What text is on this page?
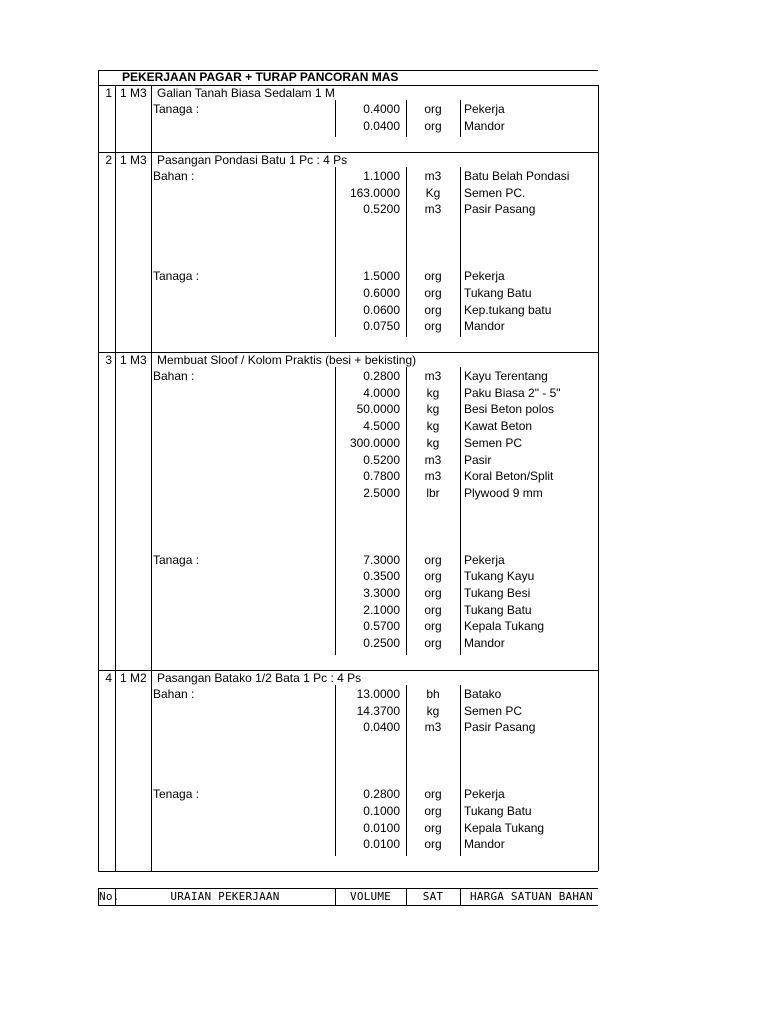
PEKERJAAN PAGAR + TURAP PANCORAN MAS
1 1 M3 Galian Tanah Biasa Sedalam 1 M
Tanaga :	0.4000	org	Pekerja
0.0400	org	Mandor
2 1 M3 Pasangan Pondasi Batu 1 Pc : 4 Ps
Bahan :	1.1000	m3	Batu Belah Pondasi
163.0000	Kg	Semen PC.
0.5200	m3	Pasir Pasang
Tanaga :	1.5000	org	Pekerja
0.6000	org	Tukang Batu
0.0600	org	Kep.tukang batu
0.0750	org	Mandor
3 1 M3 Membuat Sloof / Kolom Praktis (besi + bekisting)
Bahan :	0.2800	m3	Kayu Terentang
4.0000	kg	Paku Biasa 2" - 5"
50.0000	kg	Besi Beton polos
4.5000	kg	Kawat Beton
300.0000	kg	Semen PC
0.5200	m3	Pasir
0.7800	m3	Koral Beton/Split
2.5000	lbr	Plywood 9 mm
Tanaga :	7.3000	org	Pekerja
0.3500	org	Tukang Kayu
3.3000	org	Tukang Besi
2.1000	org	Tukang Batu
0.5700	org	Kepala Tukang
0.2500	org	Mandor
4 1 M2 Pasangan Batako 1/2 Bata 1 Pc : 4 Ps
Bahan :	13.0000	bh	Batako
14.3700	kg	Semen PC
0.0400	m3	Pasir Pasang
Tenaga :	0.2800	org	Pekerja
0.1000	org	Tukang Batu
0.0100	org	Kepala Tukang
0.0100	org	Mandor
No.	URAIAN PEKERJAAN	VOLUME	SAT	HARGA SATUAN BAHAN
